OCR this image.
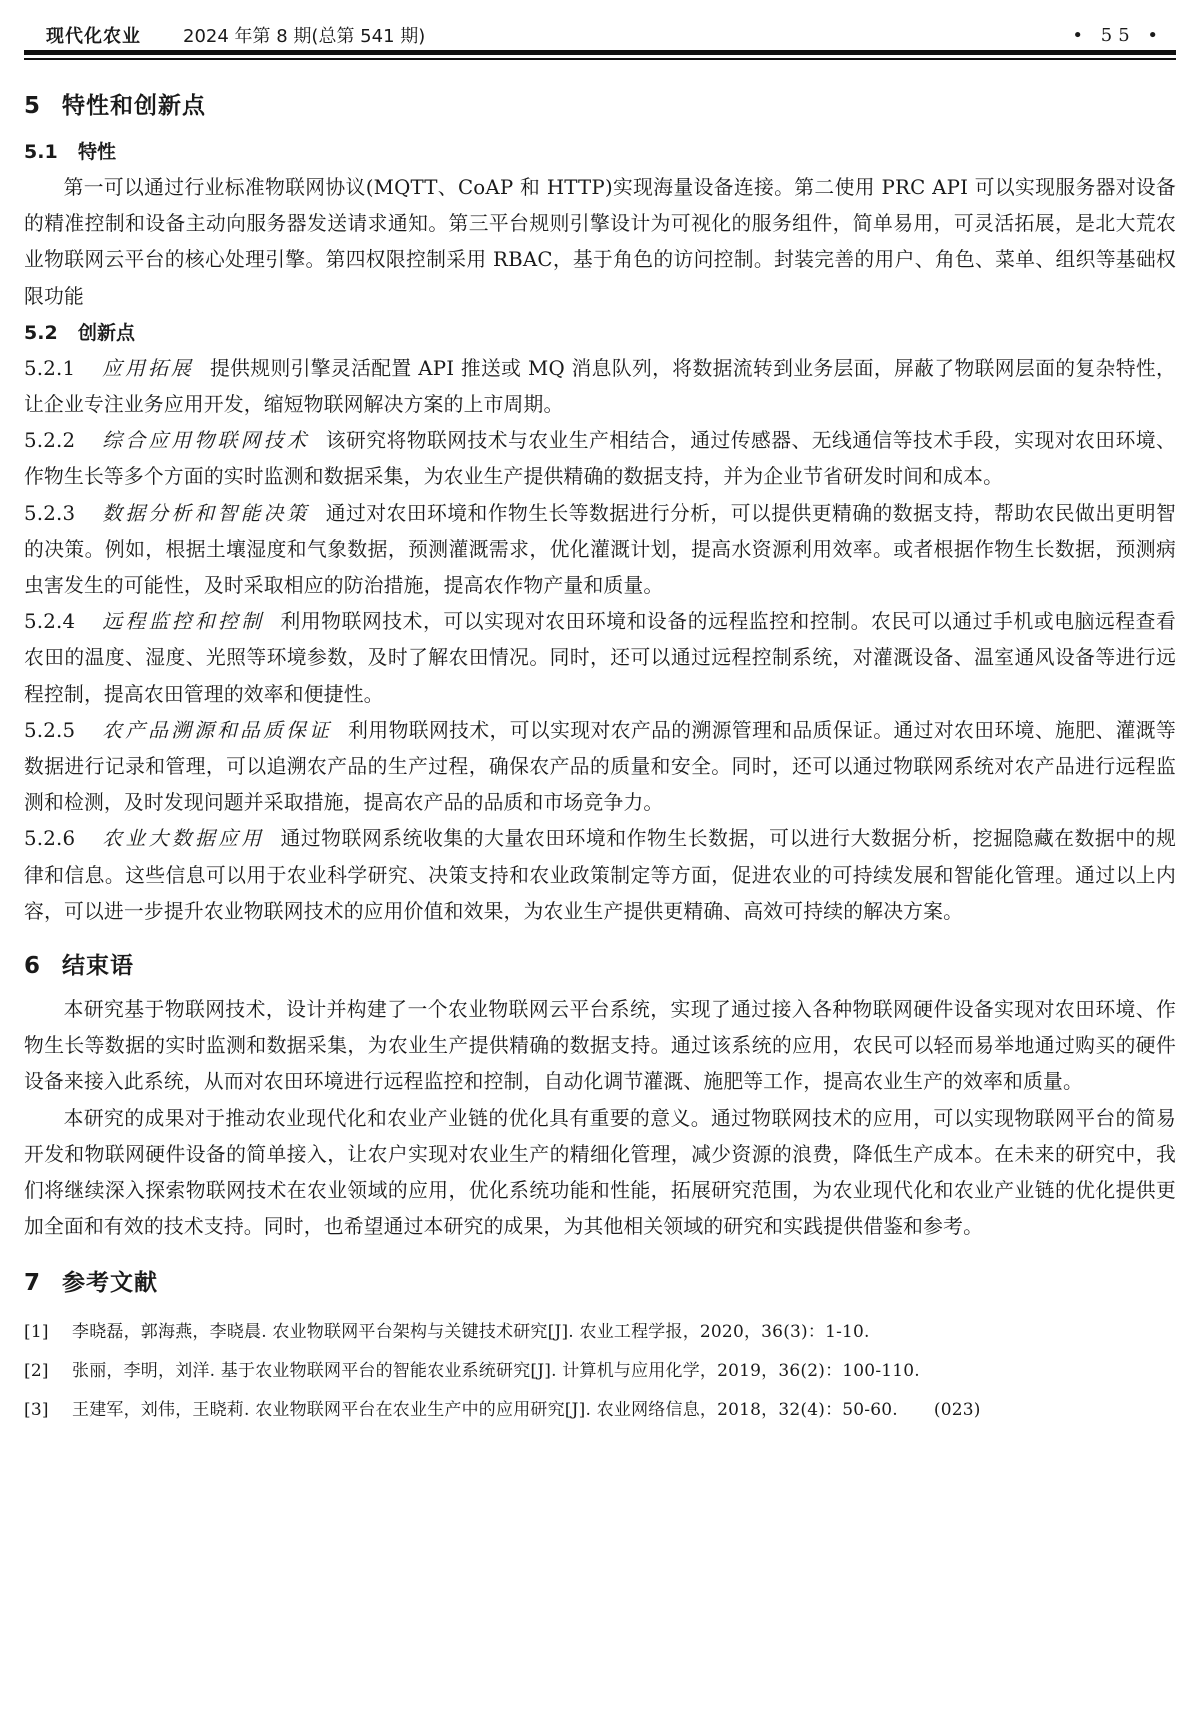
现代化农业 2024 年第 8 期(总第 541 期)	• 55 •
5 特性和创新点
5.1 特性

第一可以通过行业标准物联网协议(MQTT、CoAP 和 HTTP)实现海量设备连接。第二使用 PRC API 可以实现服务器对设备的精准控制和设备主动向服务器发送请求通知。第三平台规则引擎设计为可视化的服务组件，简单易用，可灵活拓展，是北大荒农业物联网云平台的核心处理引擎。第四权限控制采用 RBAC，基于角色的访问控制。封装完善的用户、角色、菜单、组织等基础权限功能

5.2 创新点

5.2.1 应用拓展 提供规则引擎灵活配置 API 推送或 MQ 消息队列，将数据流转到业务层面，屏蔽了物联网层面的复杂特性，让企业专注业务应用开发，缩短物联网解决方案的上市周期。

5.2.2 综合应用物联网技术 该研究将物联网技术与农业生产相结合，通过传感器、无线通信等技术手段，实现对农田环境、作物生长等多个方面的实时监测和数据采集，为农业生产提供精确的数据支持，并为企业节省研发时间和成本。

5.2.3 数据分析和智能决策 通过对农田环境和作物生长等数据进行分析，可以提供更精确的数据支持，帮助农民做出更明智的决策。例如，根据土壤湿度和气象数据，预测灌溉需求，优化灌溉计划，提高水资源利用效率。或者根据作物生长数据，预测病虫害发生的可能性，及时采取相应的防治措施，提高农作物产量和质量。

5.2.4 远程监控和控制 利用物联网技术，可以实现对农田环境和设备的远程监控和控制。农民可以通过手机或电脑远程查看农田的温度、湿度、光照等环境参数，及时了解农田情况。同时，还可以通过远程控制系统，对灌溉设备、温室通风设备等进行远程控制，提高农田管理的效率和便捷性。

5.2.5 农产品溯源和品质保证 利用物联网技术，可以实现对农产品的溯源管理和品质保证。通过对农田环境、施肥、灌溉等数据进行记录和管理，可以追溯农产品的生产过程，确保农产品的质量和安全。同时，还可以通过物联网系统对农产品进行远程监测和检测，及时发现问题并采取措施，提高农产品的品质和市场竞争力。

5.2.6 农业大数据应用 通过物联网系统收集的大量农田环境和作物生长数据，可以进行大数据分析，挖掘隐藏在数据中的规律和信息。这些信息可以用于农业科学研究、决策支持和农业政策制定等方面，促进农业的可持续发展和智能化管理。通过以上内容，可以进一步提升农业物联网技术的应用价值和效果，为农业生产提供更精确、高效可持续的解决方案。

6 结束语

本研究基于物联网技术，设计并构建了一个农业物联网云平台系统，实现了通过接入各种物联网硬件设备实现对农田环境、作物生长等数据的实时监测和数据采集，为农业生产提供精确的数据支持。通过该系统的应用，农民可以轻而易举地通过购买的硬件设备来接入此系统，从而对农田环境进行远程监控和控制，自动化调节灌溉、施肥等工作，提高农业生产的效率和质量。

本研究的成果对于推动农业现代化和农业产业链的优化具有重要的意义。通过物联网技术的应用，可以实现物联网平台的简易开发和物联网硬件设备的简单接入，让农户实现对农业生产的精细化管理，减少资源的浪费，降低生产成本。在未来的研究中，我们将继续深入探索物联网技术在农业领域的应用，优化系统功能和性能，拓展研究范围，为农业现代化和农业产业链的优化提供更加全面和有效的技术支持。同时，也希望通过本研究的成果，为其他相关领域的研究和实践提供借鉴和参考。

7 参考文献

[1] 李晓磊，郭海燕，李晓晨. 农业物联网平台架构与关键技术研究[J]. 农业工程学报，2020，36(3)：1-10.

[2] 张丽，李明，刘洋. 基于农业物联网平台的智能农业系统研究[J]. 计算机与应用化学，2019，36(2)：100-110.

[3] 王建军，刘伟，王晓莉. 农业物联网平台在农业生产中的应用研究[J]. 农业网络信息，2018，32(4)：50-60. (023)
